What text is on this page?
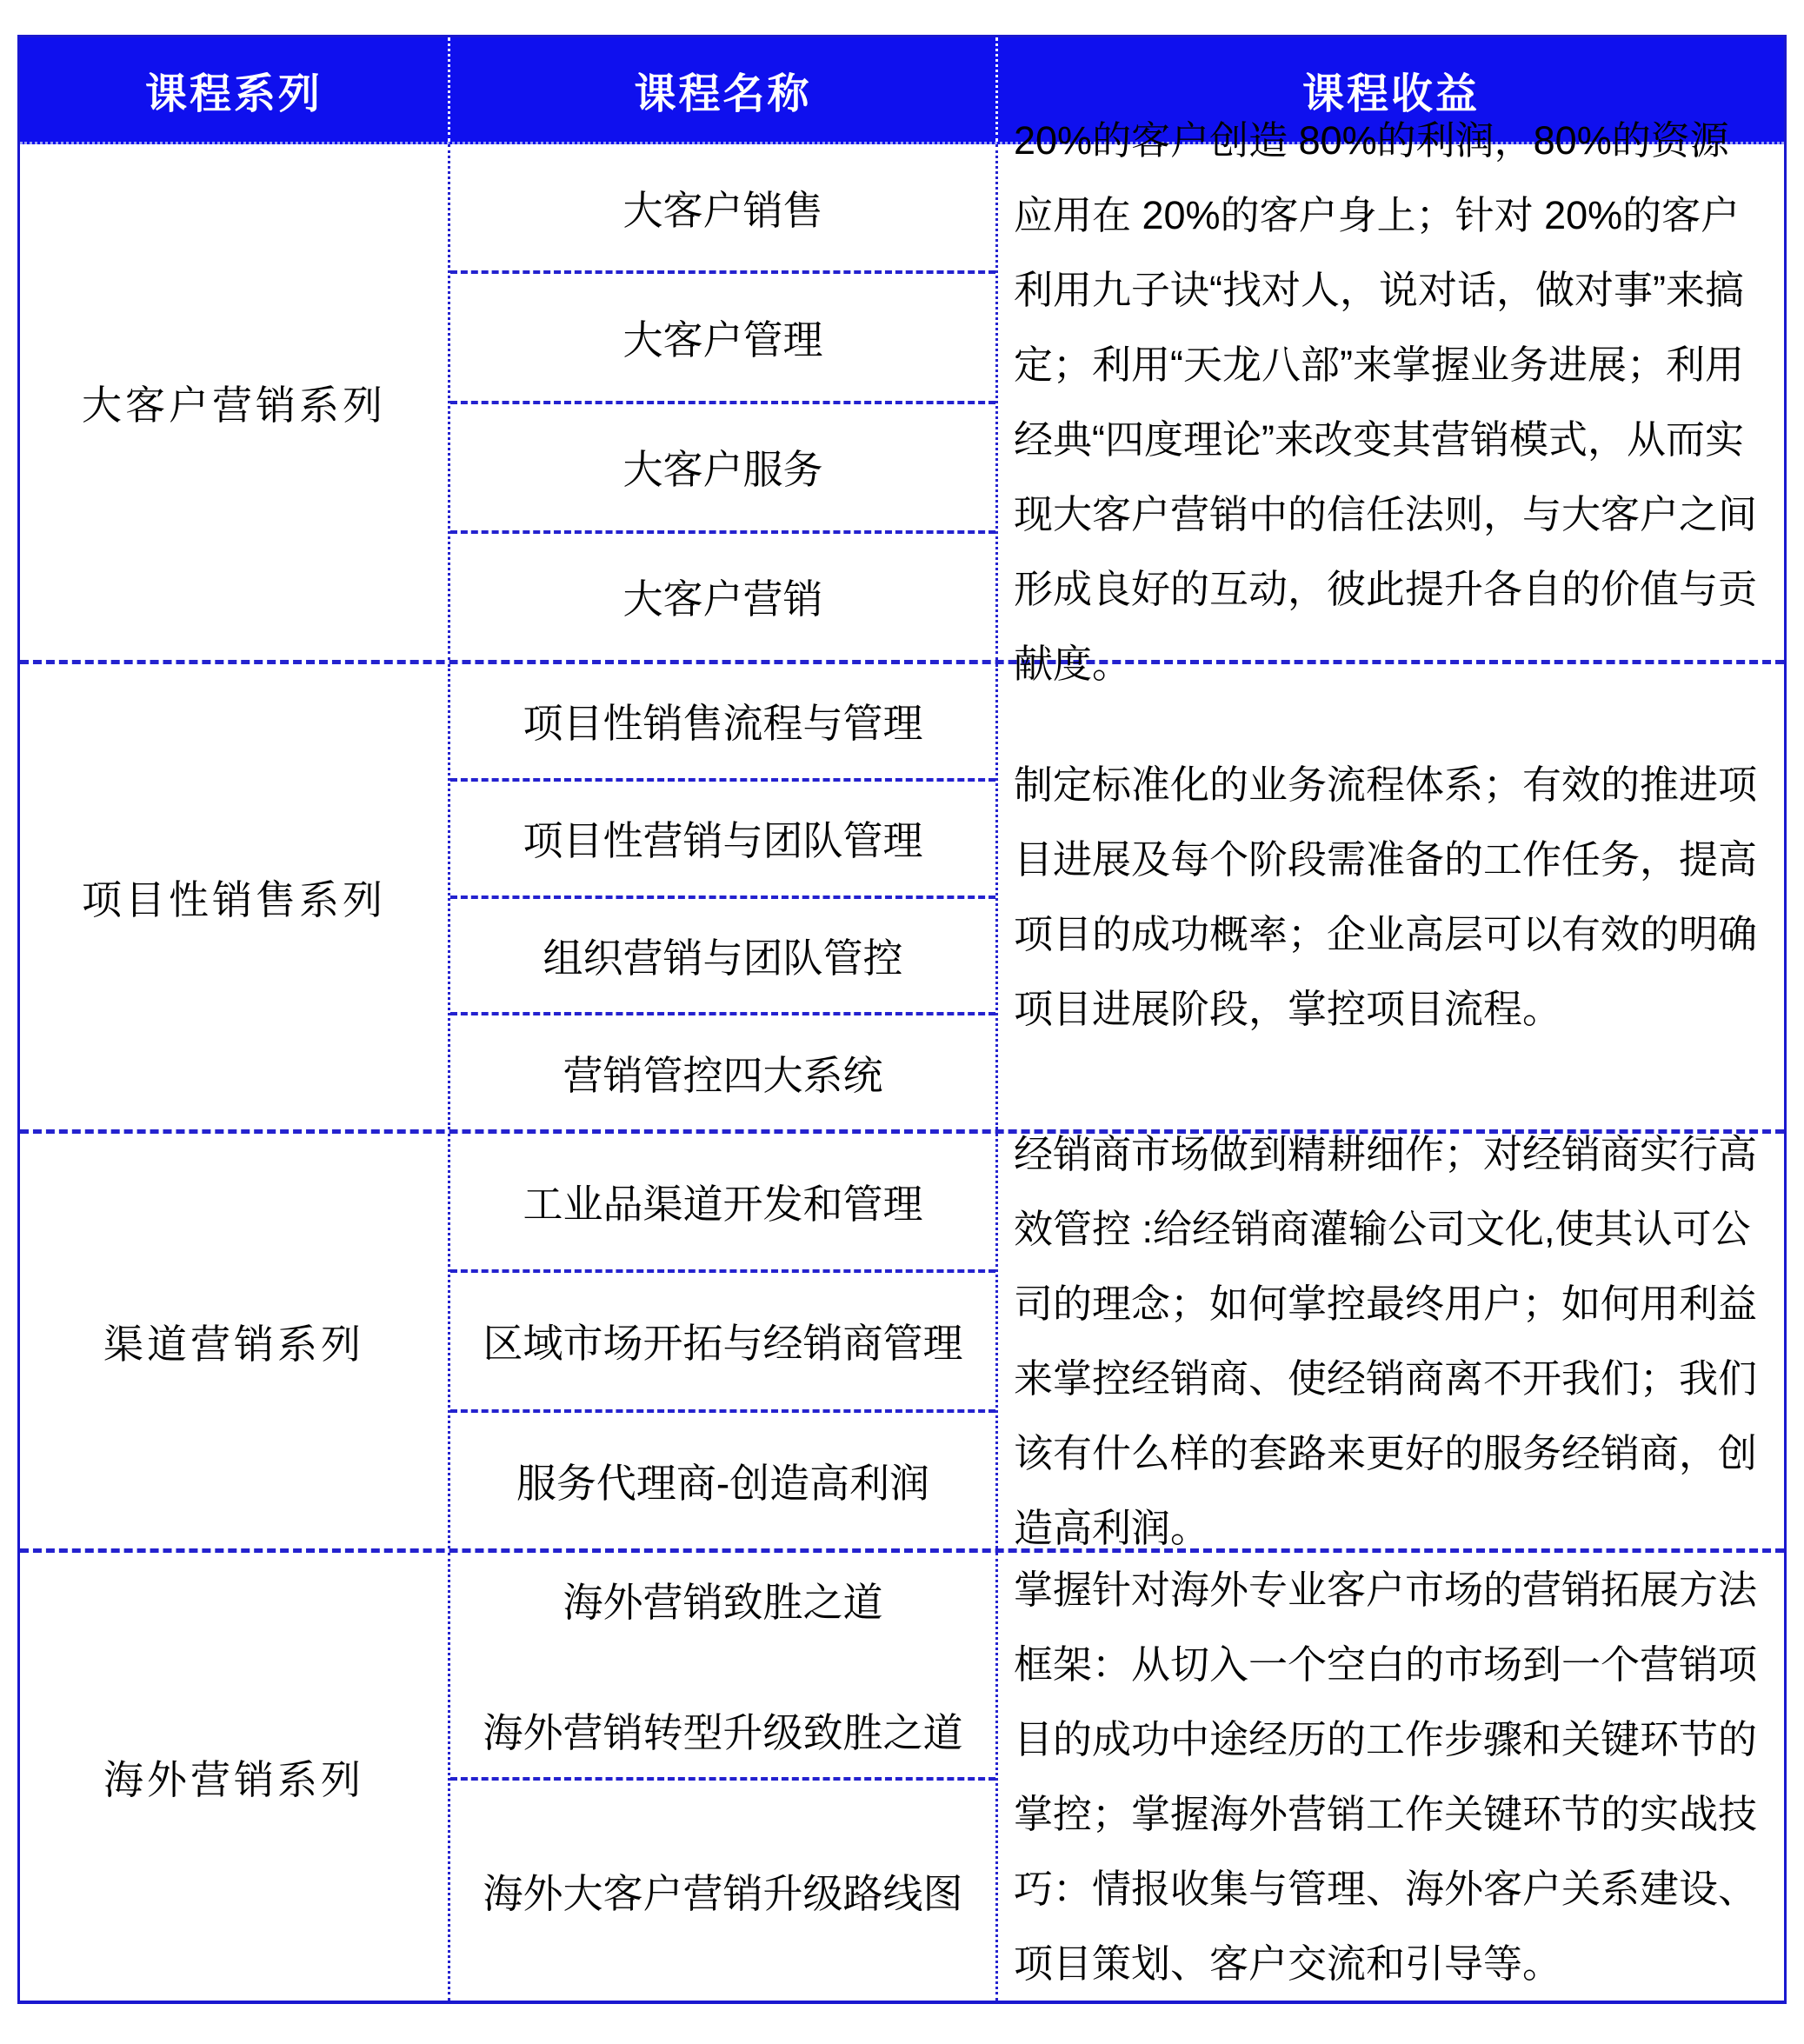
课程系列	课程名称	课程收益
大客户营销系列
大客户销售
大客户管理
大客户服务
大客户营销
20%的客户创造 80%的利润，80%的资源应用在 20%的客户身上；针对 20%的客户利用九子诀“找对人，说对话，做对事”来搞定；利用“天龙八部”来掌握业务进展；利用经典“四度理论”来改变其营销模式，从而实现大客户营销中的信任法则，与大客户之间形成良好的互动，彼此提升各自的价值与贡献度。
项目性销售系列
项目性销售流程与管理
项目性营销与团队管理
组织营销与团队管控
营销管控四大系统
制定标准化的业务流程体系；有效的推进项目进展及每个阶段需准备的工作任务，提高项目的成功概率；企业高层可以有效的明确项目进展阶段，掌控项目流程。
渠道营销系列
工业品渠道开发和管理
区域市场开拓与经销商管理
服务代理商-创造高利润
经销商市场做到精耕细作；对经销商实行高效管控 :给经销商灌输公司文化,使其认可公司的理念；如何掌控最终用户；如何用利益来掌控经销商、使经销商离不开我们；我们该有什么样的套路来更好的服务经销商，创造高利润。
海外营销系列
海外营销致胜之道
海外营销转型升级致胜之道
海外大客户营销升级路线图
掌握针对海外专业客户市场的营销拓展方法框架：从切入一个空白的市场到一个营销项目的成功中途经历的工作步骤和关键环节的掌控；掌握海外营销工作关键环节的实战技巧：情报收集与管理、海外客户关系建设、项目策划、客户交流和引导等。
